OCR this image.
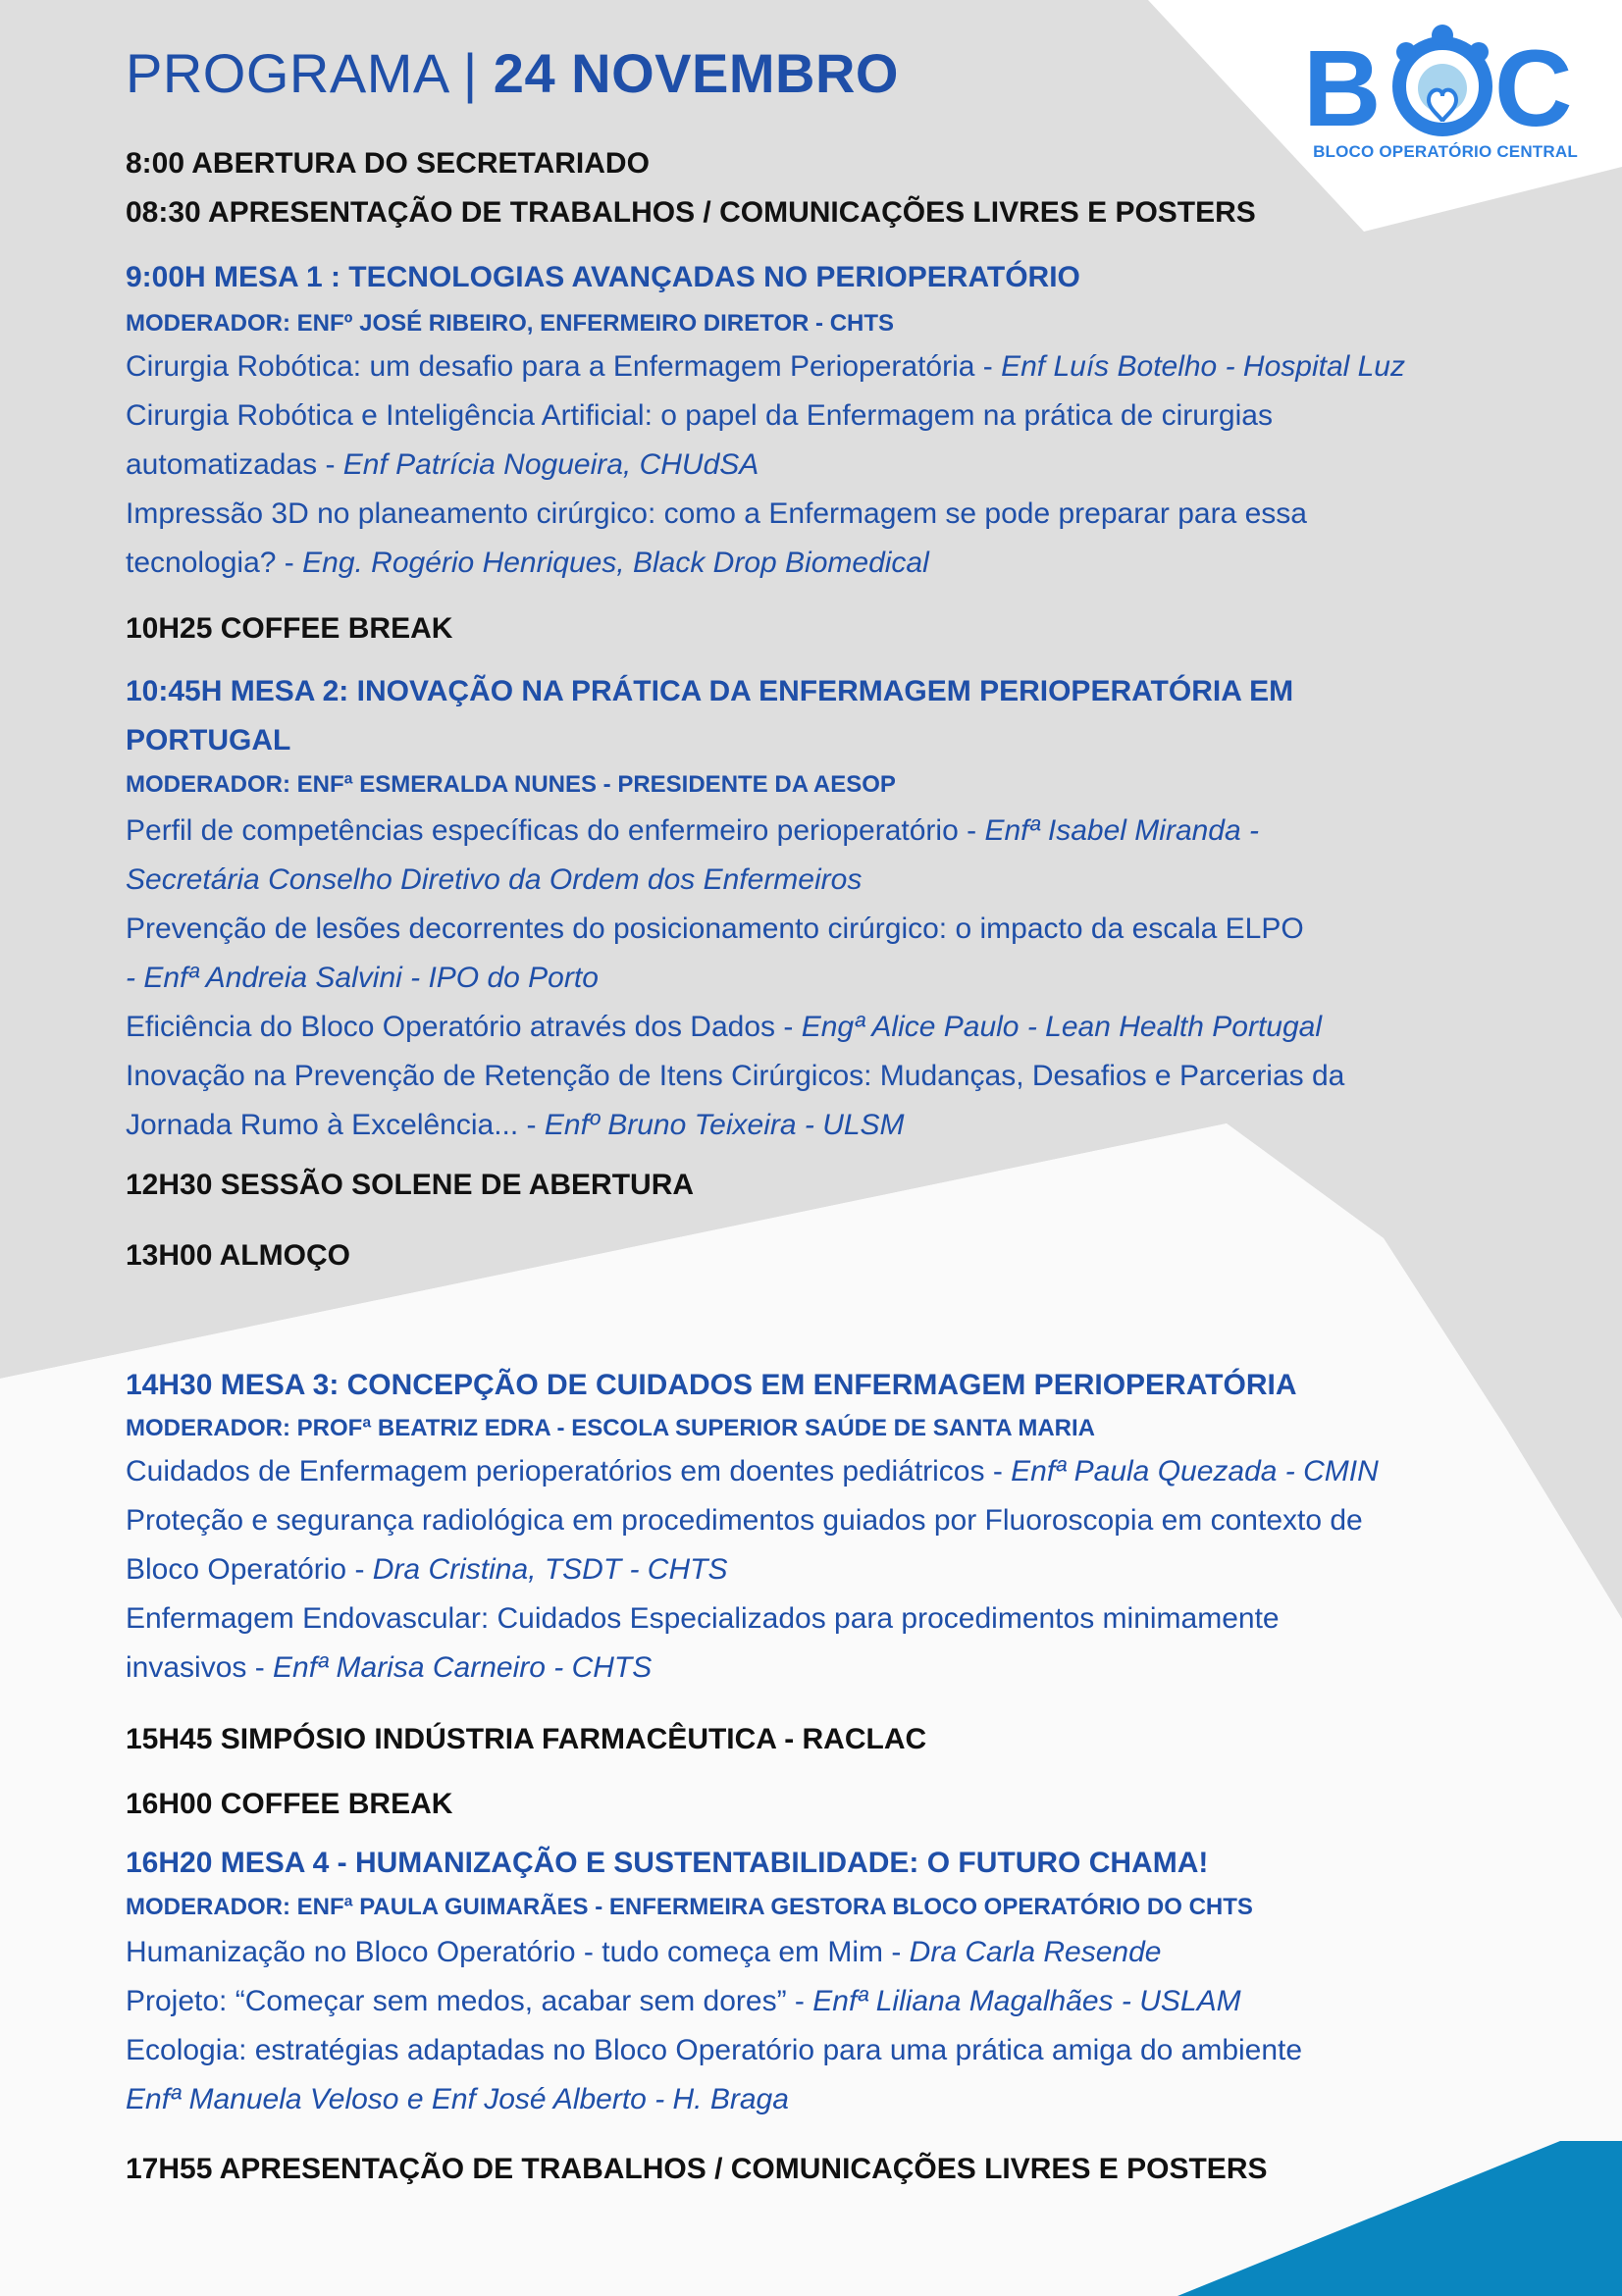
B C
BLOCO OPERATÓRIO CENTRAL
PROGRAMA | 24 NOVEMBRO
8:00 ABERTURA DO SECRETARIADO
08:30 APRESENTAÇÃO DE TRABALHOS / COMUNICAÇÕES LIVRES E POSTERS
9:00H MESA 1 : TECNOLOGIAS AVANÇADAS NO PERIOPERATÓRIO
MODERADOR: ENFº JOSÉ RIBEIRO, ENFERMEIRO DIRETOR - CHTS
Cirurgia Robótica: um desafio para a Enfermagem Perioperatória - Enf Luís Botelho - Hospital Luz
Cirurgia Robótica e Inteligência Artificial: o papel da Enfermagem na prática de cirurgias
automatizadas - Enf Patrícia Nogueira, CHUdSA
Impressão 3D no planeamento cirúrgico: como a Enfermagem se pode preparar para essa
tecnologia? - Eng. Rogério Henriques, Black Drop Biomedical
10H25 COFFEE BREAK
10:45H MESA 2: INOVAÇÃO NA PRÁTICA DA ENFERMAGEM PERIOPERATÓRIA EM
PORTUGAL
MODERADOR: ENFª ESMERALDA NUNES - PRESIDENTE DA AESOP
Perfil de competências específicas do enfermeiro perioperatório - Enfª Isabel Miranda -
Secretária Conselho Diretivo da Ordem dos Enfermeiros
Prevenção de lesões decorrentes do posicionamento cirúrgico: o impacto da escala ELPO
- Enfª Andreia Salvini - IPO do Porto
Eficiência do Bloco Operatório através dos Dados - Engª Alice Paulo - Lean Health Portugal
Inovação na Prevenção de Retenção de Itens Cirúrgicos: Mudanças, Desafios e Parcerias da
Jornada Rumo à Excelência... - Enfº Bruno Teixeira - ULSM
12H30 SESSÃO SOLENE DE ABERTURA
13H00 ALMOÇO
14H30 MESA 3: CONCEPÇÃO DE CUIDADOS EM ENFERMAGEM PERIOPERATÓRIA
MODERADOR: PROFª BEATRIZ EDRA - ESCOLA SUPERIOR SAÚDE DE SANTA MARIA
Cuidados de Enfermagem perioperatórios em doentes pediátricos - Enfª Paula Quezada - CMIN
Proteção e segurança radiológica em procedimentos guiados por Fluoroscopia em contexto de
Bloco Operatório - Dra Cristina, TSDT - CHTS
Enfermagem Endovascular: Cuidados Especializados para procedimentos minimamente
invasivos - Enfª Marisa Carneiro - CHTS
15H45 SIMPÓSIO INDÚSTRIA FARMACÊUTICA - RACLAC
16H00 COFFEE BREAK
16H20 MESA 4 - HUMANIZAÇÃO E SUSTENTABILIDADE: O FUTURO CHAMA!
MODERADOR: ENFª PAULA GUIMARÃES - ENFERMEIRA GESTORA BLOCO OPERATÓRIO DO CHTS
Humanização no Bloco Operatório - tudo começa em Mim - Dra Carla Resende
Projeto: “Começar sem medos, acabar sem dores” - Enfª Liliana Magalhães - USLAM
Ecologia: estratégias adaptadas no Bloco Operatório para uma prática amiga do ambiente
Enfª Manuela Veloso e Enf José Alberto - H. Braga
17H55 APRESENTAÇÃO DE TRABALHOS / COMUNICAÇÕES LIVRES E POSTERS
